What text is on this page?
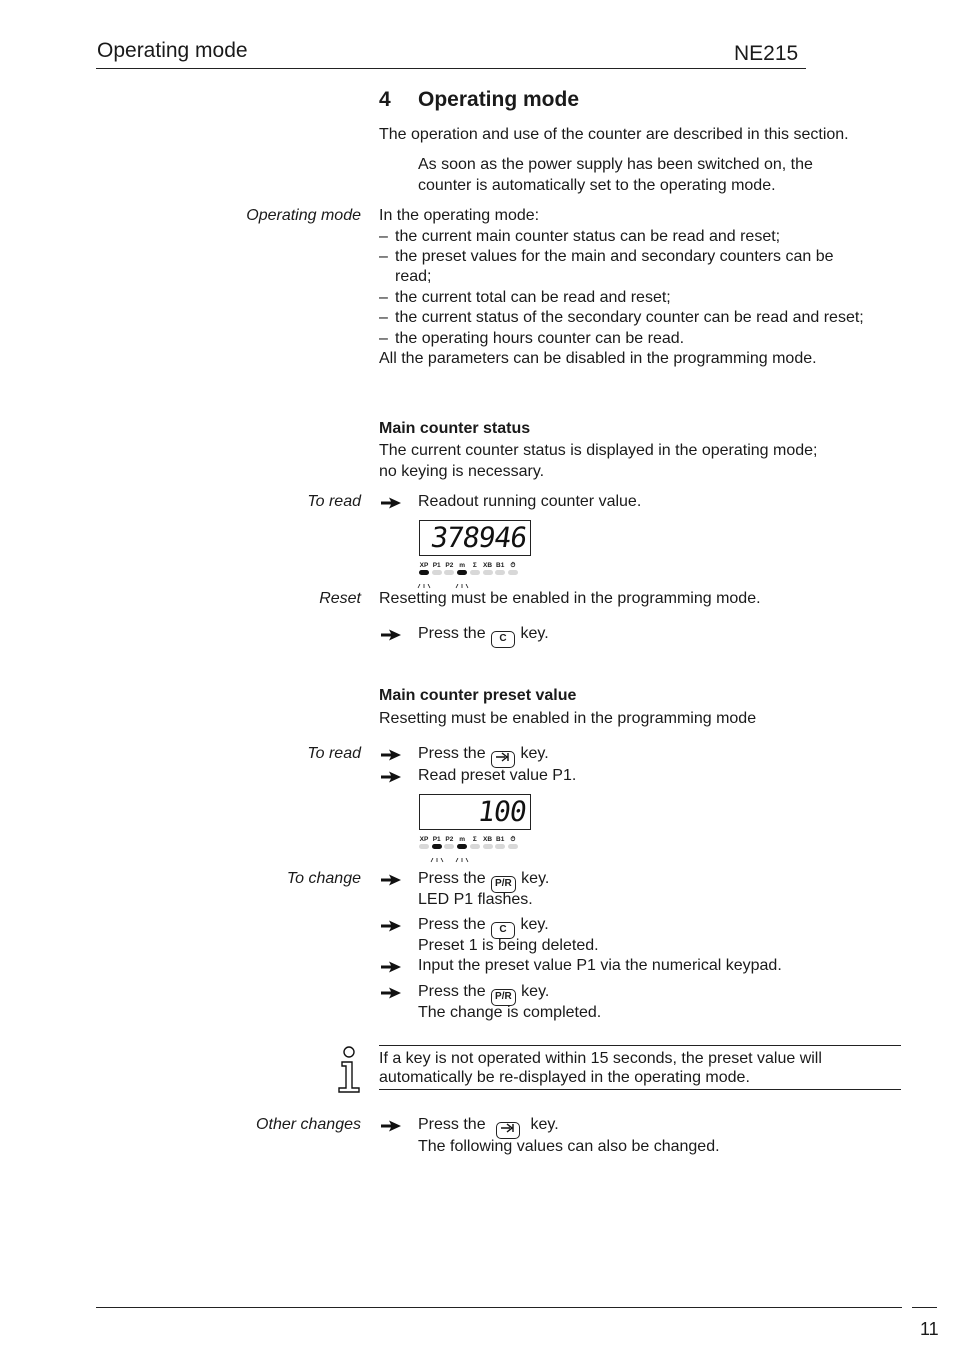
Operating mode	NE215
4 Operating mode
The operation and use of the counter are described in this section.
As soon as the power supply has been switched on, the
counter is automatically set to the operating mode.
Operating mode In the operating mode:
– the current main counter status can be read and reset;
– the preset values for the main and secondary counters can be
read;
– the current total can be read and reset;
– the current status of the secondary counter can be read and reset;
– the operating hours counter can be read.
All the parameters can be disabled in the programming mode.
Main counter status
The current counter status is displayed in the operating mode;
no keying is necessary.
To read	Readout running counter value.
378946
XP P1 P2 m	Σ XB B1 ⏱
Reset Resetting must be enabled in the programming mode.
Press the C key.
Main counter preset value
Resetting must be enabled in the programming mode
To read	Press the key.
Read preset value P1.
100
XP P1 P2 m	Σ XB B1 ⏱
To change	Press the P/R key.
LED P1 flashes.
Press the C key.
Preset 1 is being deleted.
Input the preset value P1 via the numerical keypad.
Press the P/R key.
The change is completed.
If a key is not operated within 15 seconds, the preset value will
automatically be re-displayed in the operating mode.
Other changes	Press the	key.
The following values can also be changed.
11
